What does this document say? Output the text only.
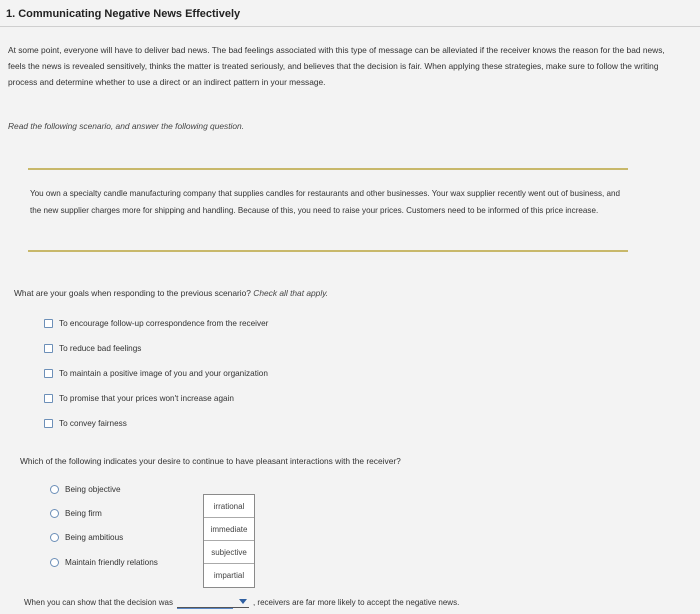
1. Communicating Negative News Effectively
At some point, everyone will have to deliver bad news. The bad feelings associated with this type of message can be alleviated if the receiver knows the reason for the bad news, feels the news is revealed sensitively, thinks the matter is treated seriously, and believes that the decision is fair. When applying these strategies, make sure to follow the writing process and determine whether to use a direct or an indirect pattern in your message.
Read the following scenario, and answer the following question.
You own a specialty candle manufacturing company that supplies candles for restaurants and other businesses. Your wax supplier recently went out of business, and the new supplier charges more for shipping and handling. Because of this, you need to raise your prices. Customers need to be informed of this price increase.
What are your goals when responding to the previous scenario? Check all that apply.
To encourage follow-up correspondence from the receiver
To reduce bad feelings
To maintain a positive image of you and your organization
To promise that your prices won't increase again
To convey fairness
Which of the following indicates your desire to continue to have pleasant interactions with the receiver?
Being objective
Being firm
Being ambitious
Maintain friendly relations
irrational
immediate
subjective
impartial
When you can show that the decision was	, receivers are far more likely to accept the negative news.
